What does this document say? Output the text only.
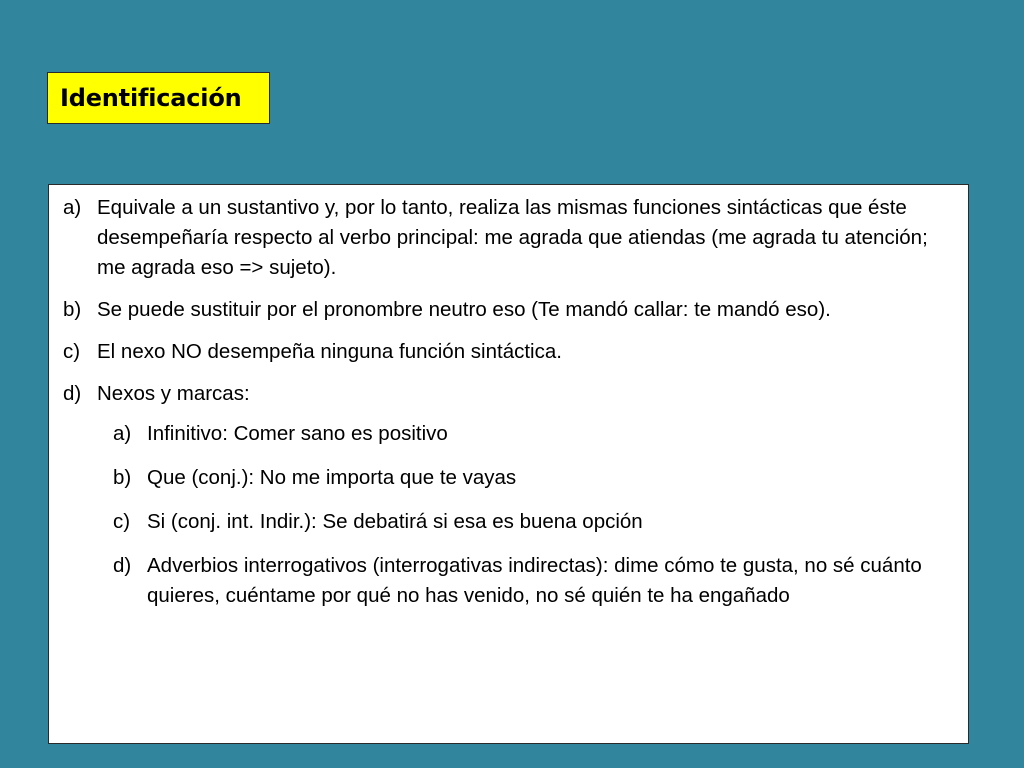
Identificación
a) Equivale a un sustantivo y, por lo tanto, realiza las mismas funciones sintácticas que éste desempeñaría respecto al verbo principal: me agrada que atiendas (me agrada tu atención; me agrada eso => sujeto).
b) Se puede sustituir por el pronombre neutro eso (Te mandó callar: te mandó eso).
c) El nexo NO desempeña ninguna función sintáctica.
d) Nexos y marcas:
a) Infinitivo: Comer sano es positivo
b) Que (conj.): No me importa que te vayas
c) Si (conj. int. Indir.): Se debatirá si esa es buena opción
d) Adverbios interrogativos (interrogativas indirectas): dime cómo te gusta, no sé cuánto quieres, cuéntame por qué no has venido, no sé quién te ha engañado
